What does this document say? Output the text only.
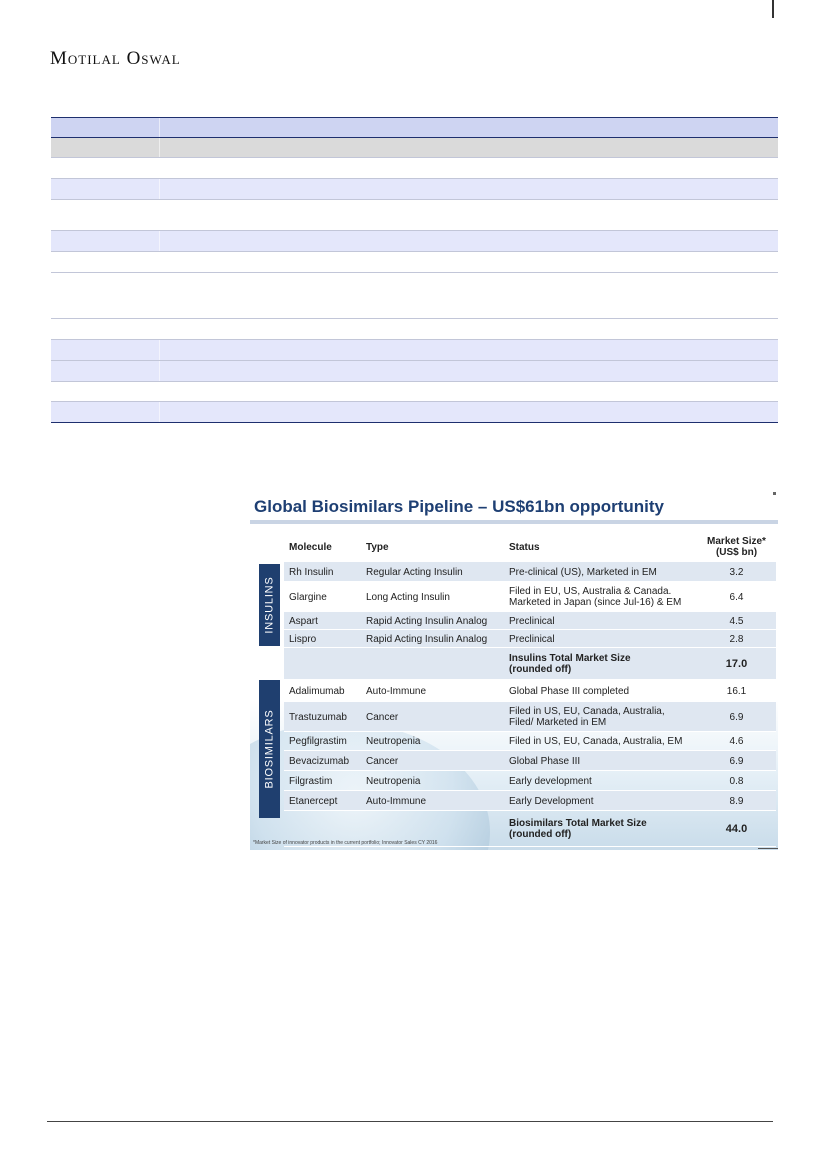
Motilal Oswal
Global Biosimilars Pipeline – US$61bn opportunity
INSULINS
BIOSIMILARS
Molecule	Type	Status	Market Size*
(US$ bn)
Rh Insulin	Regular Acting Insulin	Pre-clinical (US), Marketed in EM	3.2
Glargine	Long Acting Insulin	Filed in EU, US, Australia & Canada.
Marketed in Japan (since Jul-16) & EM	6.4
Aspart	Rapid Acting Insulin Analog	Preclinical	4.5
Lispro	Rapid Acting Insulin Analog	Preclinical	2.8
Insulins Total Market Size
(rounded off)	17.0
Adalimumab	Auto-Immune	Global Phase III completed	16.1
Trastuzumab	Cancer	Filed in US, EU, Canada, Australia,
Filed/ Marketed in EM	6.9
Pegfilgrastim	Neutropenia	Filed in US, EU, Canada, Australia, EM	4.6
Bevacizumab	Cancer	Global Phase III	6.9
Filgrastim	Neutropenia	Early development	0.8
Etanercept	Auto-Immune	Early Development	8.9
Biosimilars Total Market Size
(rounded off)	44.0
*Market Size of innovator products in the current portfolio; Innovator Sales CY 2016
